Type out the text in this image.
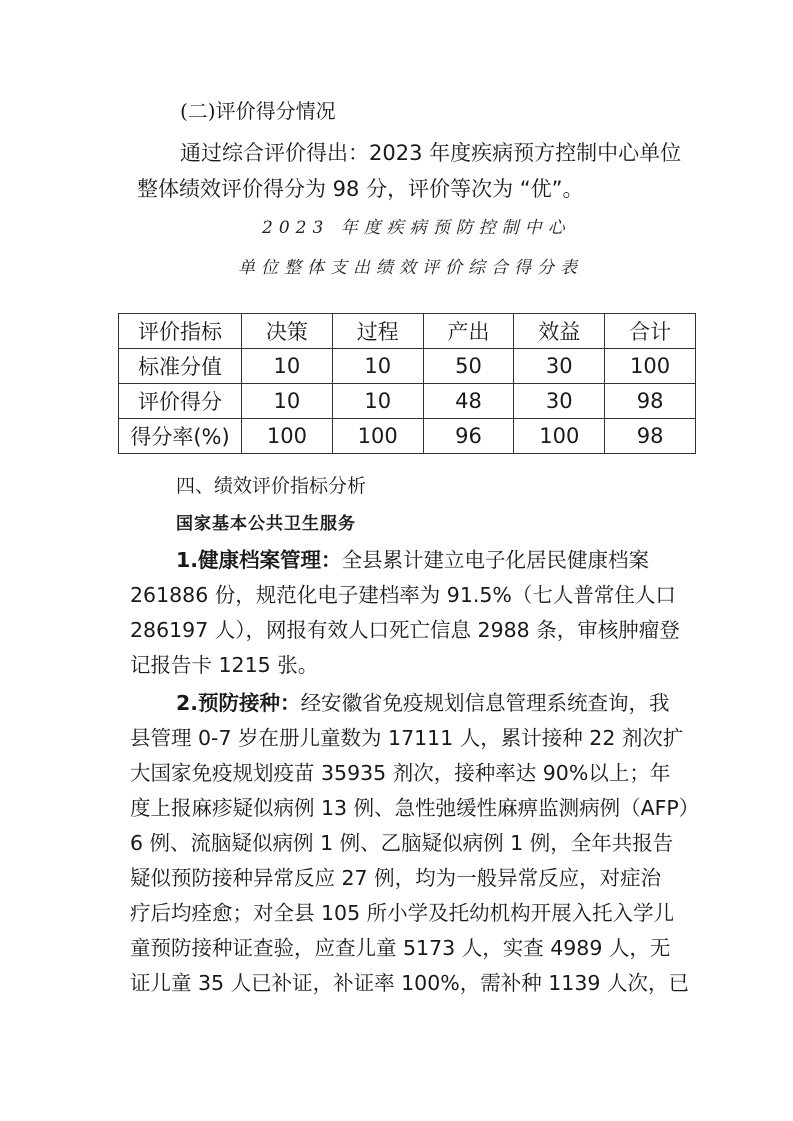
(二)评价得分情况
通过综合评价得出：2023 年度疾病预方控制中心单位
整体绩效评价得分为 98 分，评价等次为 “优”。
2023 年度疾病预防控制中心
单位整体支出绩效评价综合得分表
评价指标	决策	过程	产出	效益	合计
标准分值	10	10	50	30	100
评价得分	10	10	48	30	98
得分率(%)	100	100	96	100	98
四、绩效评价指标分析
国家基本公共卫生服务
1.健康档案管理：全县累计建立电子化居民健康档案
261886 份，规范化电子建档率为 91.5%（七人普常住人口
286197 人），网报有效人口死亡信息 2988 条，审核肿瘤登
记报告卡 1215 张。
2.预防接种：经安徽省免疫规划信息管理系统查询，我
县管理 0-7 岁在册儿童数为 17111 人，累计接种 22 剂次扩
大国家免疫规划疫苗 35935 剂次，接种率达 90%以上；年
度上报麻疹疑似病例 13 例、急性弛缓性麻痹监测病例（AFP）
6 例、流脑疑似病例 1 例、乙脑疑似病例 1 例，全年共报告
疑似预防接种异常反应 27 例，均为一般异常反应，对症治
疗后均痊愈；对全县 105 所小学及托幼机构开展入托入学儿
童预防接种证查验，应查儿童 5173 人，实查 4989 人，无
证儿童 35 人已补证，补证率 100%，需补种 1139 人次，已
